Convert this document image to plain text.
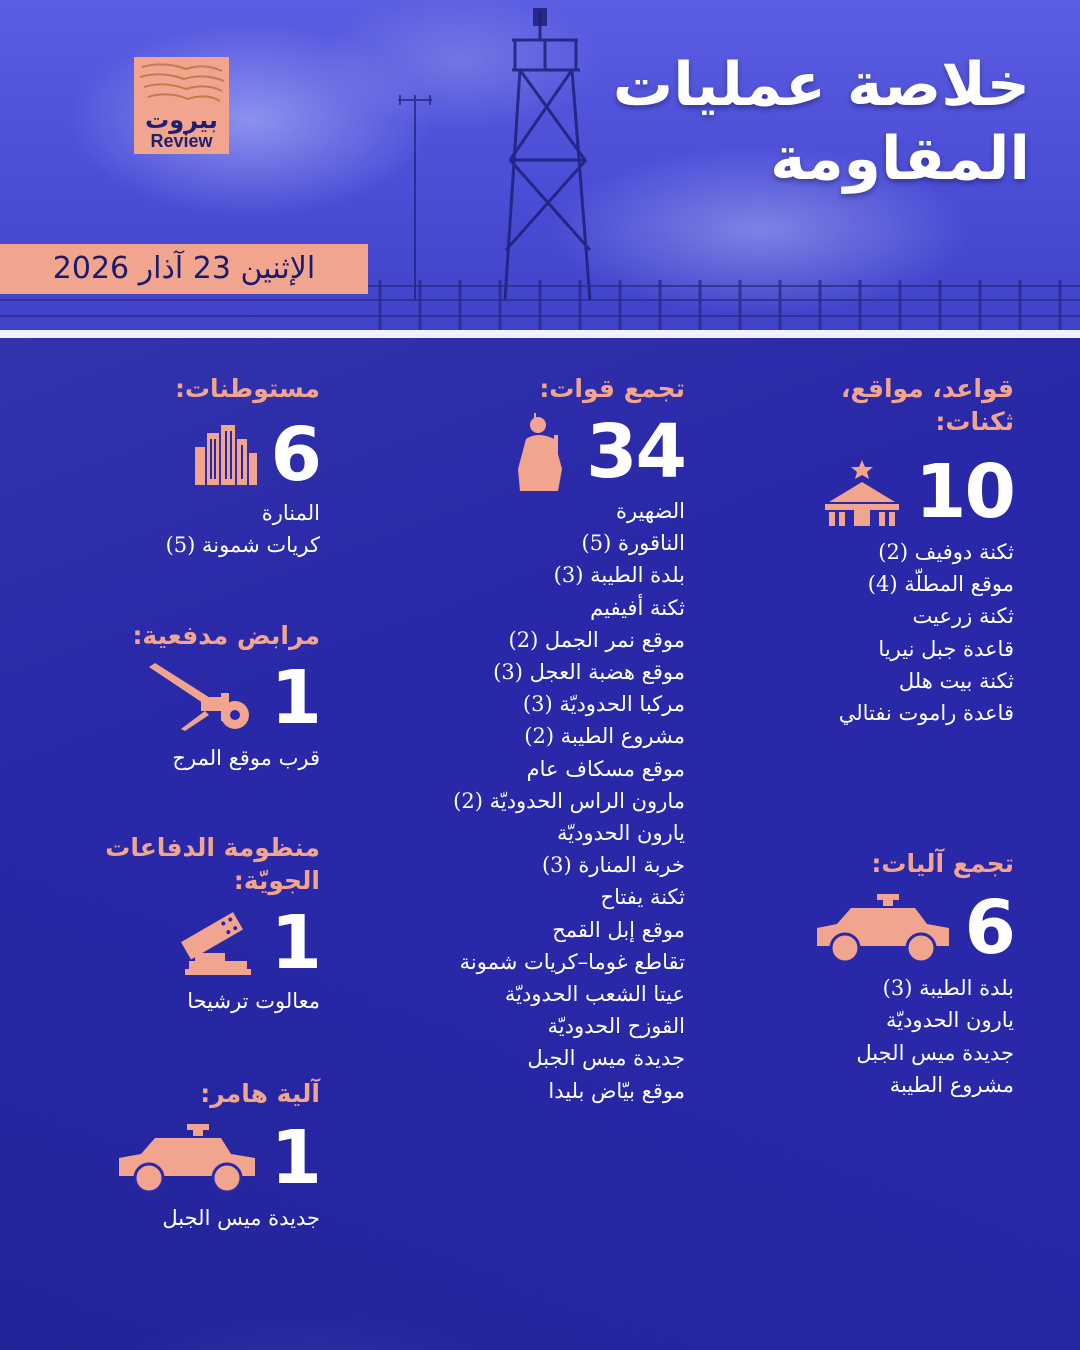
بيروت
Review
خلاصة عمليات
المقاومة
الإثنين 23 آذار 2026
قواعد، مواقع،
ثكنات:
10
ثكنة دوفيف (2)
موقع المطلّة (4)
ثكنة زرعيت
قاعدة جبل نيريا
ثكنة بيت هلل
قاعدة راموت نفتالي
تجمع آليات:
6
بلدة الطيبة (3)
يارون الحدوديّة
جديدة ميس الجبل
مشروع الطيبة
تجمع قوات:
34
الضهيرة
الناقورة (5)
بلدة الطيبة (3)
ثكنة أفيفيم
موقع نمر الجمل (2)
موقع هضبة العجل (3)
مركبا الحدوديّة (3)
مشروع الطيبة (2)
موقع مسكاف عام
مارون الراس الحدوديّة (2)
يارون الحدوديّة
خربة المنارة (3)
ثكنة يفتاح
موقع إبل القمح
تقاطع غوما–كريات شمونة
عيتا الشعب الحدوديّة
القوزح الحدوديّة
جديدة ميس الجبل
موقع بيّاض بليدا
مستوطنات:
6
المنارة
كريات شمونة (5)
مرابض مدفعية:
1
قرب موقع المرج
منظومة الدفاعات
الجويّة:
1
معالوت ترشيحا
آلية هامر:
1
جديدة ميس الجبل
